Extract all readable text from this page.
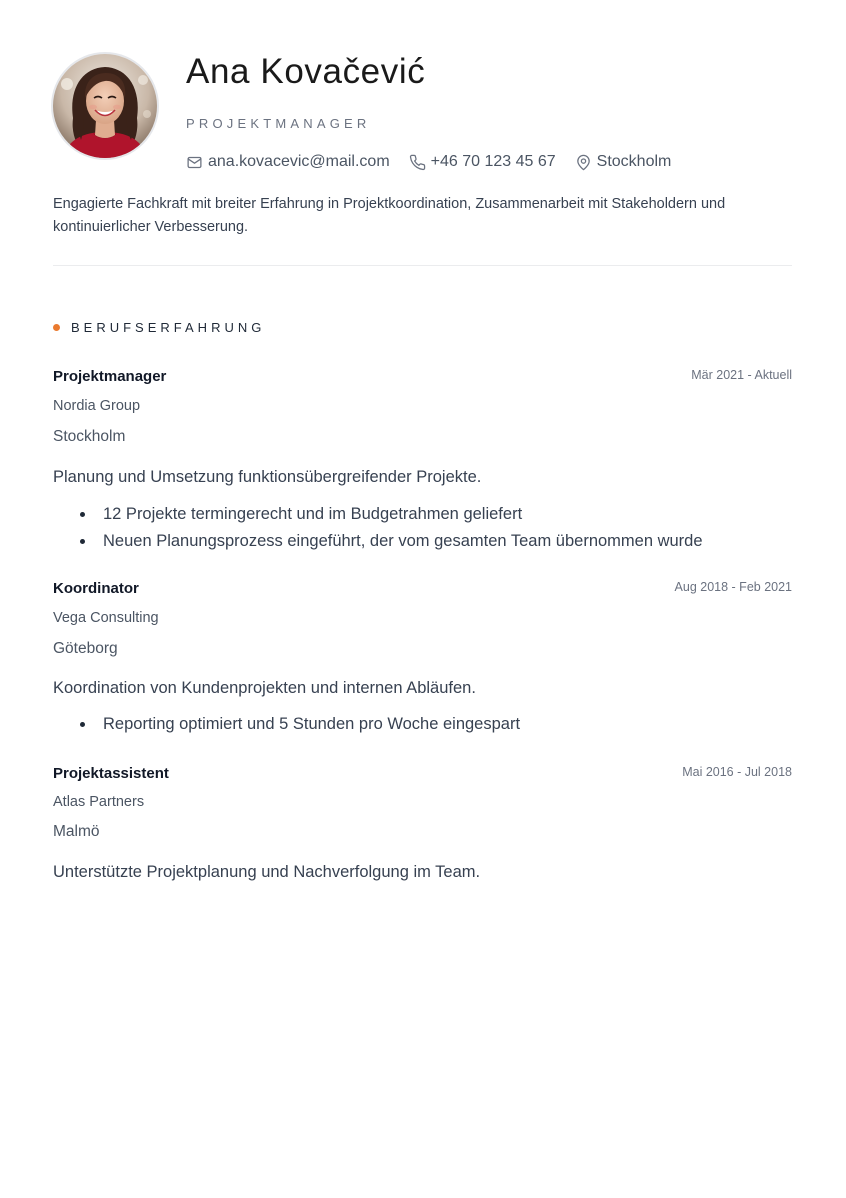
Ana Kovačević
PROJEKTMANAGER
ana.kovacevic@mail.com	+46 70 123 45 67	Stockholm

Engagierte Fachkraft mit breiter Erfahrung in Projektkoordination, Zusammenarbeit mit Stakeholdern und kontinuierlicher Verbesserung.

BERUFSERFAHRUNG
Projektmanager	Mär 2021 - Aktuell
Nordia Group
Stockholm
Planung und Umsetzung funktionsübergreifender Projekte.
12 Projekte termingerecht und im Budgetrahmen geliefert
Neuen Planungsprozess eingeführt, der vom gesamten Team übernommen wurde
Koordinator	Aug 2018 - Feb 2021
Vega Consulting
Göteborg
Koordination von Kundenprojekten und internen Abläufen.
Reporting optimiert und 5 Stunden pro Woche eingespart
Projektassistent	Mai 2016 - Jul 2018
Atlas Partners
Malmö
Unterstützte Projektplanung und Nachverfolgung im Team.
